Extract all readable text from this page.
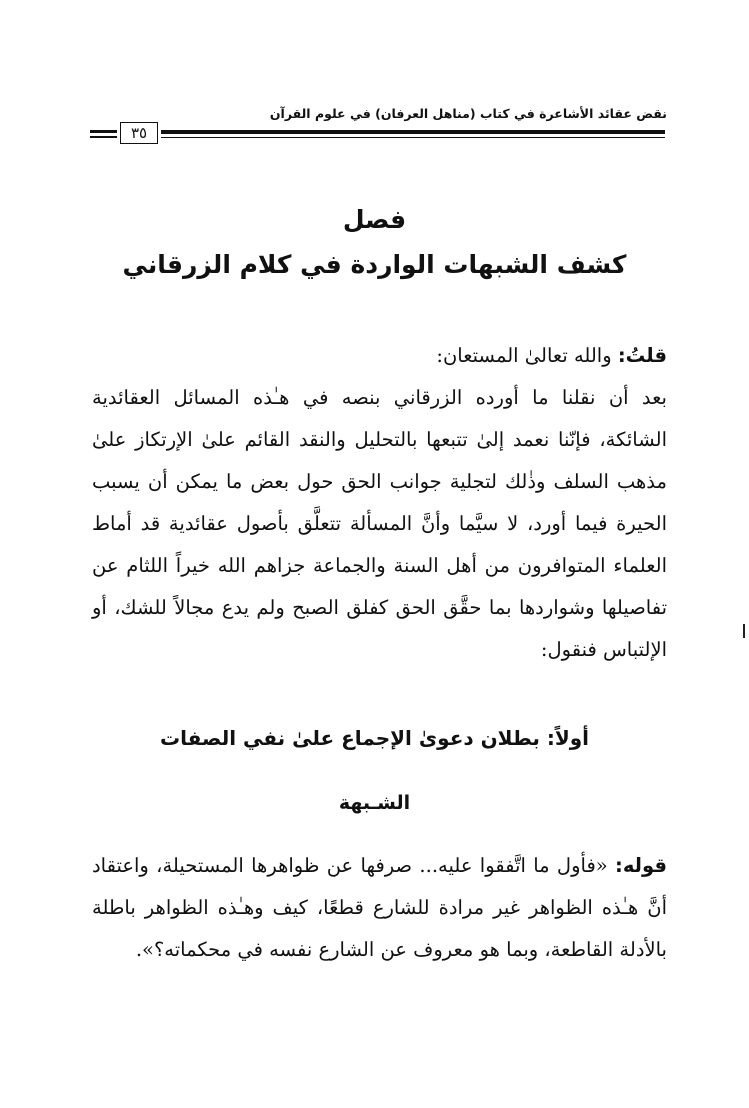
نقض عقائد الأشاعرة في كتاب (مناهل العرفان) في علوم القرآن
٣٥
فصل
كشف الشبهات الواردة في كلام الزرقاني

قلتُ: والله تعالىٰ المستعان:

بعد أن نقلنا ما أورده الزرقاني بنصه في هـٰذه المسائل العقائدية الشائكة، فإنّنا نعمد إلىٰ تتبعها بالتحليل والنقد القائم علىٰ الإرتكاز علىٰ مذهب السلف وذٰلك لتجلية جوانب الحق حول بعض ما يمكن أن يسبب الحيرة فيما أورد، لا سيَّما وأنَّ المسألة تتعلَّق بأصول عقائدية قد أماط العلماء المتوافرون من أهل السنة والجماعة جزاهم الله خيراً اللثام عن تفاصيلها وشواردها بما حقَّق الحق كفلق الصبح ولم يدع مجالاً للشك، أو الإلتباس فنقول:

أولاً: بطلان دعوىٰ الإجماع علىٰ نفي الصفات
الشـبهة

قوله: «فأول ما اتَّفقوا عليه... صرفها عن ظواهرها المستحيلة، واعتقاد أنَّ هـٰذه الظواهر غير مرادة للشارع قطعًا، كيف وهـٰذه الظواهر باطلة بالأدلة القاطعة، وبما هو معروف عن الشارع نفسه في محكماته؟».
